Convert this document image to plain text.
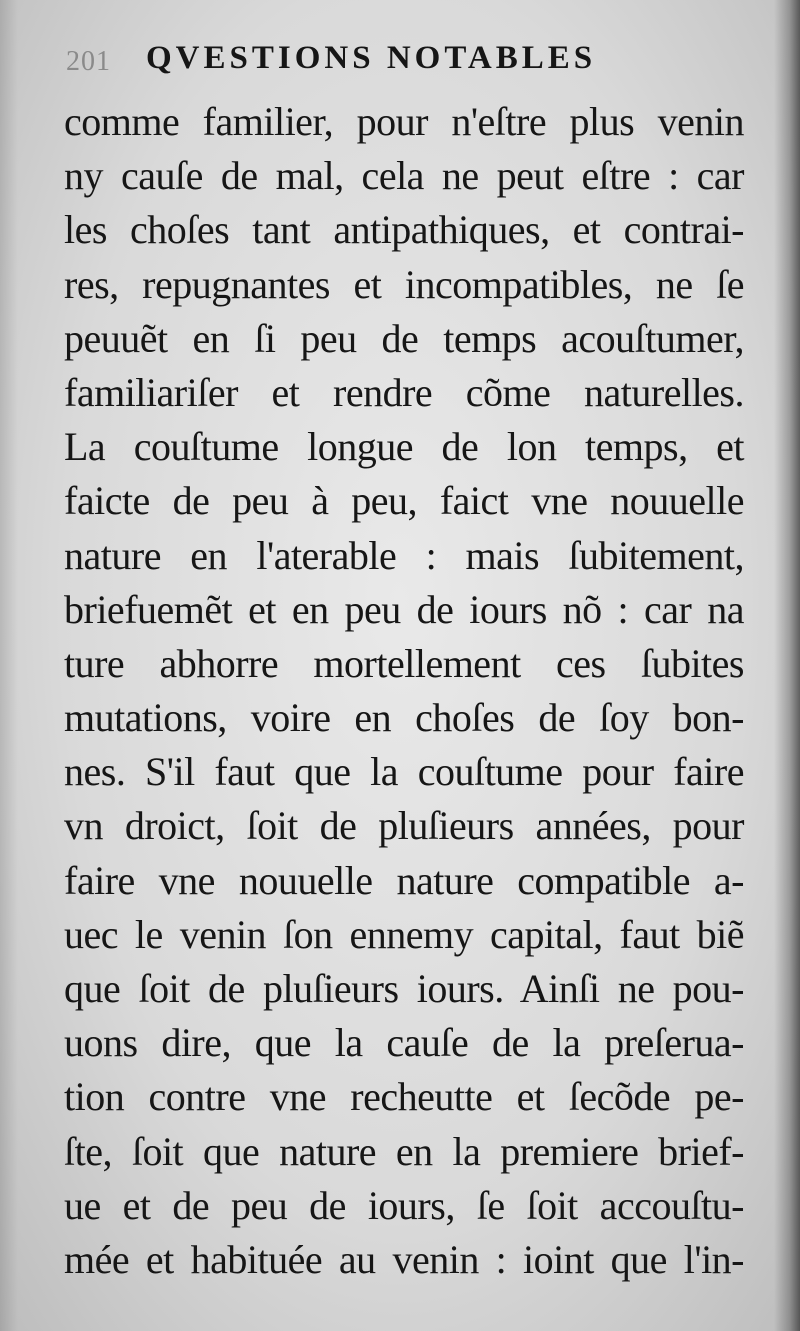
201 QVESTIONS NOTABLES
comme familier, pour n'eſtre plus venin
ny cauſe de mal, cela ne peut eſtre : car
les choſes tant antipathiques, et contrai-
res, repugnantes et incompatibles, ne ſe
peuuẽt en ſi peu de temps acouſtumer,
familiariſer et rendre cõme naturelles.
La couſtume longue de lon temps, et
faicte de peu à peu, faict vne nouuelle
nature en l'aterable : mais ſubitement,
briefuemẽt et en peu de iours nõ : car na
ture abhorre mortellement ces ſubites
mutations, voire en choſes de ſoy bon-
nes. S'il faut que la couſtume pour faire
vn droict, ſoit de pluſieurs années, pour
faire vne nouuelle nature compatible a-
uec le venin ſon ennemy capital, faut biẽ
que ſoit de pluſieurs iours. Ainſi ne pou-
uons dire, que la cauſe de la preſerua-
tion contre vne recheutte et ſecõde pe-
ſte, ſoit que nature en la premiere brief-
ue et de peu de iours, ſe ſoit accouſtu-
mée et habituée au venin : ioint que l'in-
